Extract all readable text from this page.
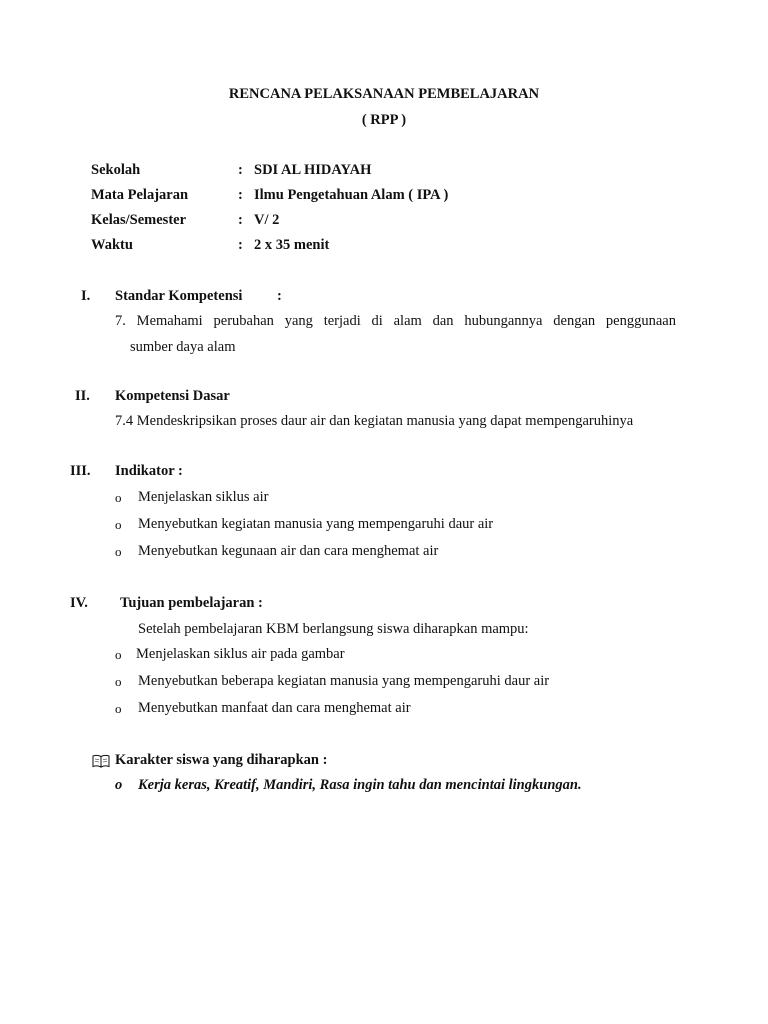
RENCANA PELAKSANAAN PEMBELAJARAN
( RPP )
Sekolah	: SDI AL HIDAYAH
Mata Pelajaran	: Ilmu Pengetahuan Alam ( IPA )
Kelas/Semester	: V/ 2
Waktu	: 2 x 35 menit
I. Standar Kompetensi :
7. Memahami perubahan yang terjadi di alam dan hubungannya dengan penggunaan
sumber daya alam
II. Kompetensi Dasar
7.4 Mendeskripsikan proses daur air dan kegiatan manusia yang dapat mempengaruhinya
III. Indikator :
o Menjelaskan siklus air
o Menyebutkan kegiatan manusia yang mempengaruhi daur air
o Menyebutkan kegunaan air dan cara menghemat air
IV. Tujuan pembelajaran :
Setelah pembelajaran KBM berlangsung siswa diharapkan mampu:
o Menjelaskan siklus air pada gambar
o Menyebutkan beberapa kegiatan manusia yang mempengaruhi daur air
o Menyebutkan manfaat dan cara menghemat air
Karakter siswa yang diharapkan :
o Kerja keras, Kreatif, Mandiri, Rasa ingin tahu dan mencintai lingkungan.
